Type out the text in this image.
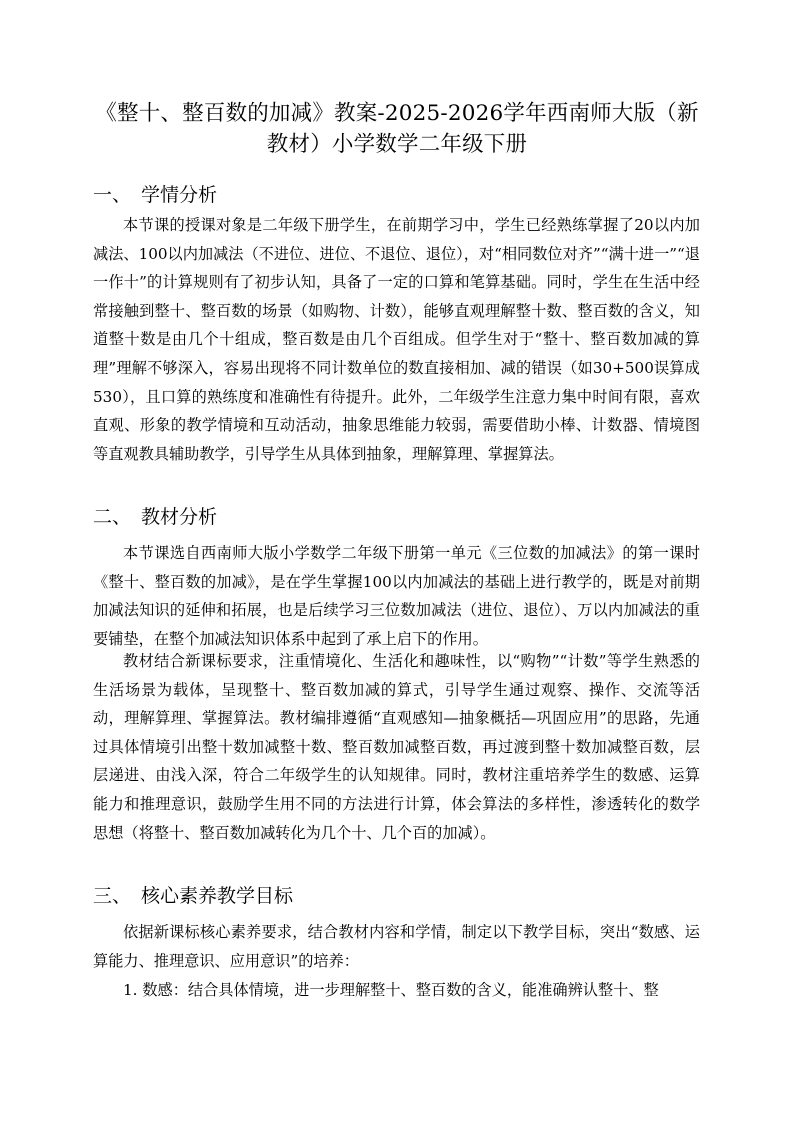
《整十、整百数的加减》教案-2025-2026学年西南师大版（新教材）小学数学二年级下册
一、 学情分析

本节课的授课对象是二年级下册学生，在前期学习中，学生已经熟练掌握了20以内加减法、100以内加减法（不进位、进位、不退位、退位），对“相同数位对齐”“满十进一”“退一作十”的计算规则有了初步认知，具备了一定的口算和笔算基础。同时，学生在生活中经常接触到整十、整百数的场景（如购物、计数），能够直观理解整十数、整百数的含义，知道整十数是由几个十组成，整百数是由几个百组成。但学生对于“整十、整百数加减的算理”理解不够深入，容易出现将不同计数单位的数直接相加、减的错误（如30+500误算成530），且口算的熟练度和准确性有待提升。此外，二年级学生注意力集中时间有限，喜欢直观、形象的教学情境和互动活动，抽象思维能力较弱，需要借助小棒、计数器、情境图等直观教具辅助教学，引导学生从具体到抽象，理解算理、掌握算法。

二、 教材分析

本节课选自西南师大版小学数学二年级下册第一单元《三位数的加减法》的第一课时《整十、整百数的加减》，是在学生掌握100以内加减法的基础上进行教学的，既是对前期加减法知识的延伸和拓展，也是后续学习三位数加减法（进位、退位）、万以内加减法的重要铺垫，在整个加减法知识体系中起到了承上启下的作用。

教材结合新课标要求，注重情境化、生活化和趣味性，以“购物”“计数”等学生熟悉的生活场景为载体，呈现整十、整百数加减的算式，引导学生通过观察、操作、交流等活动，理解算理、掌握算法。教材编排遵循“直观感知—抽象概括—巩固应用”的思路，先通过具体情境引出整十数加减整十数、整百数加减整百数，再过渡到整十数加减整百数，层层递进、由浅入深，符合二年级学生的认知规律。同时，教材注重培养学生的数感、运算能力和推理意识，鼓励学生用不同的方法进行计算，体会算法的多样性，渗透转化的数学思想（将整十、整百数加减转化为几个十、几个百的加减）。

三、 核心素养教学目标

依据新课标核心素养要求，结合教材内容和学情，制定以下教学目标，突出“数感、运算能力、推理意识、应用意识”的培养：

1. 数感：结合具体情境，进一步理解整十、整百数的含义，能准确辨认整十、整
